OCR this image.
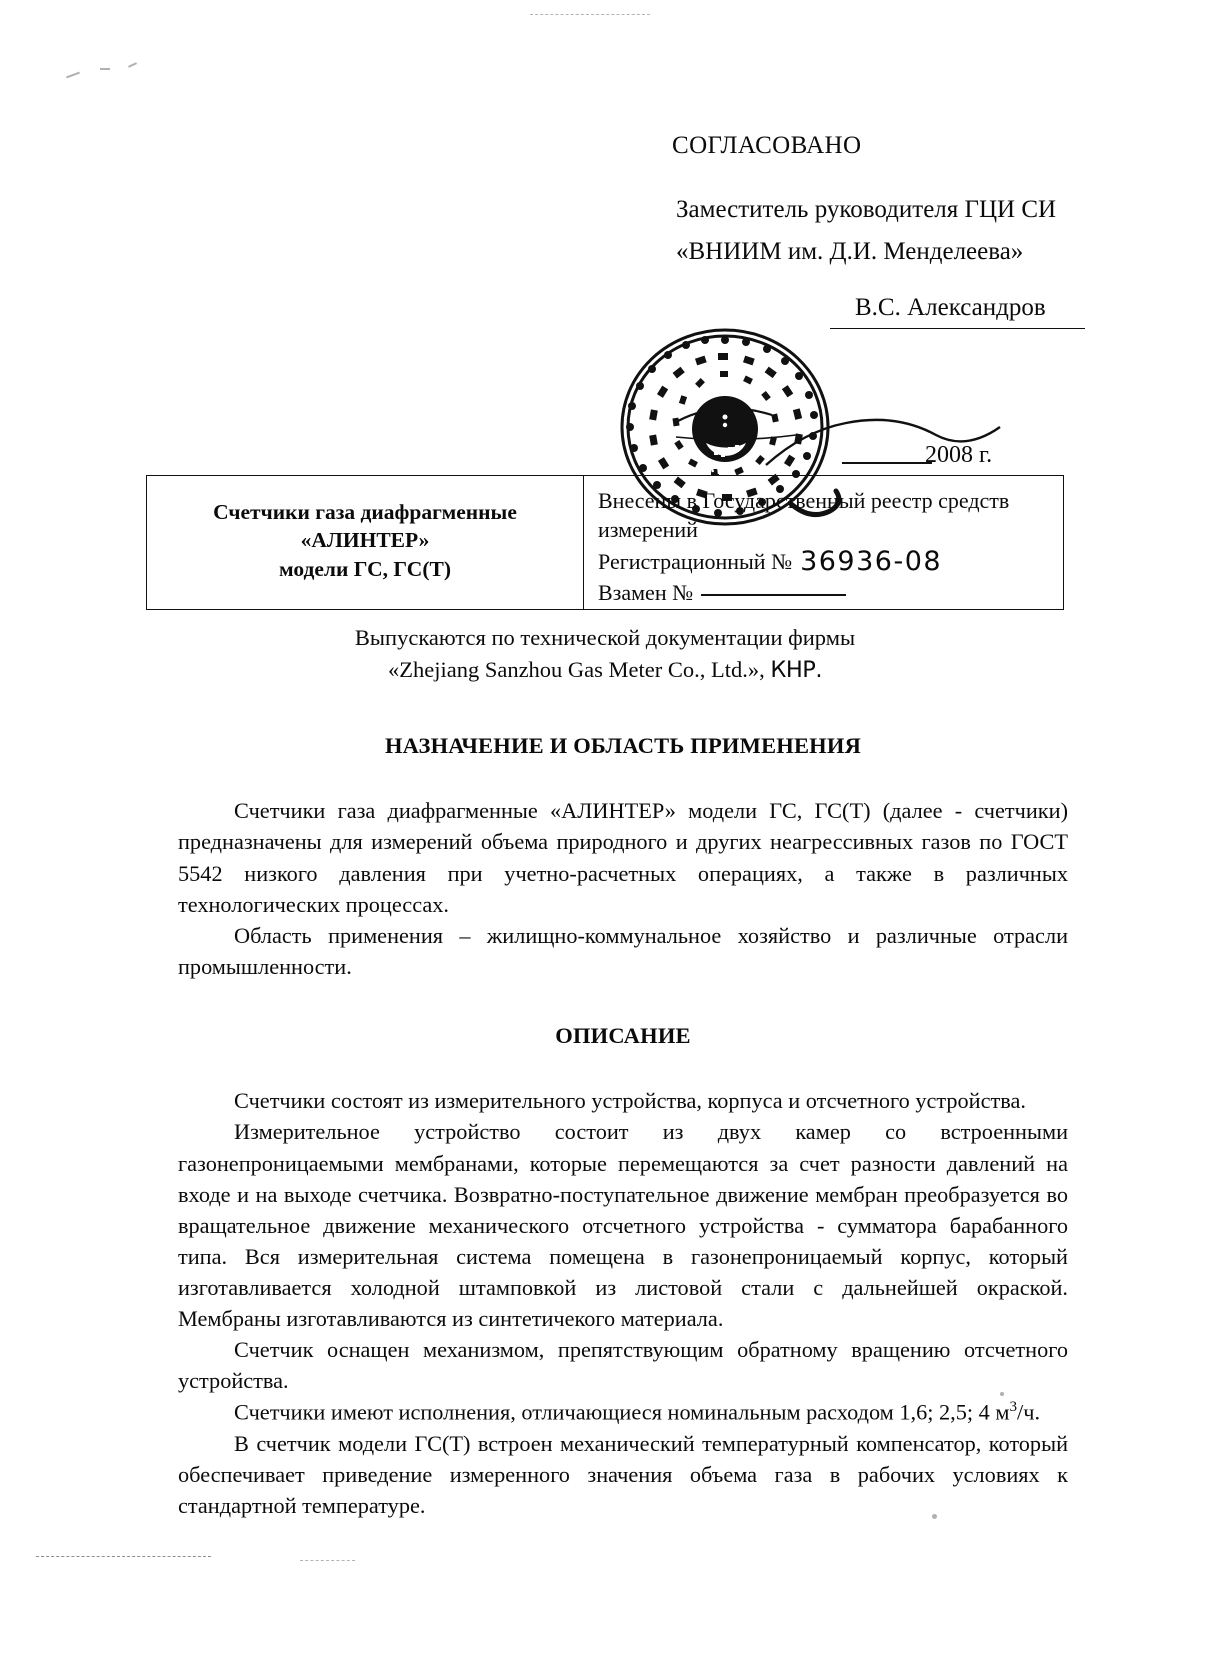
СОГЛАСОВАНО
Заместитель руководителя ГЦИ СИ
«ВНИИМ им. Д.И. Менделеева»
В.С. Александров
2008 г.
Счетчики газа диафрагменные
«АЛИНТЕР»
модели ГС, ГС(Т)
Внесены в Государственный реестр средств
измерений
Регистрационный № 36936-08
Взамен №
Выпускаются по технической документации фирмы
«Zhejiang Sanzhou Gas Meter Co., Ltd.», КНР.
НАЗНАЧЕНИЕ И ОБЛАСТЬ ПРИМЕНЕНИЯ

Счетчики газа диафрагменные «АЛИНТЕР» модели ГС, ГС(Т) (далее - счетчики) предназначены для измерений объема природного и других неагрессивных газов по ГОСТ 5542 низкого давления при учетно-расчетных операциях, а также в различных технологических процессах.

Область применения – жилищно-коммунальное хозяйство и различные отрасли промышленности.

ОПИСАНИЕ

Счетчики состоят из измерительного устройства, корпуса и отсчетного устройства.

Измерительное устройство состоит из двух камер со встроенными газонепроницаемыми мембранами, которые перемещаются за счет разности давлений на входе и на выходе счетчика. Возвратно-поступательное движение мембран преобразуется во вращательное движение механического отсчетного устройства - сумматора барабанного типа. Вся измерительная система помещена в газонепроницаемый корпус, который изготавливается холодной штамповкой из листовой стали с дальнейшей окраской. Мембраны изготавливаются из синтетичекого материала.

Счетчик оснащен механизмом, препятствующим обратному вращению отсчетного устройства.

Счетчики имеют исполнения, отличающиеся номинальным расходом 1,6; 2,5; 4 $м^3/ч$.

В счетчик модели ГС(Т) встроен механический температурный компенсатор, который обеспечивает приведение измеренного значения объема газа в рабочих условиях к стандартной температуре.
